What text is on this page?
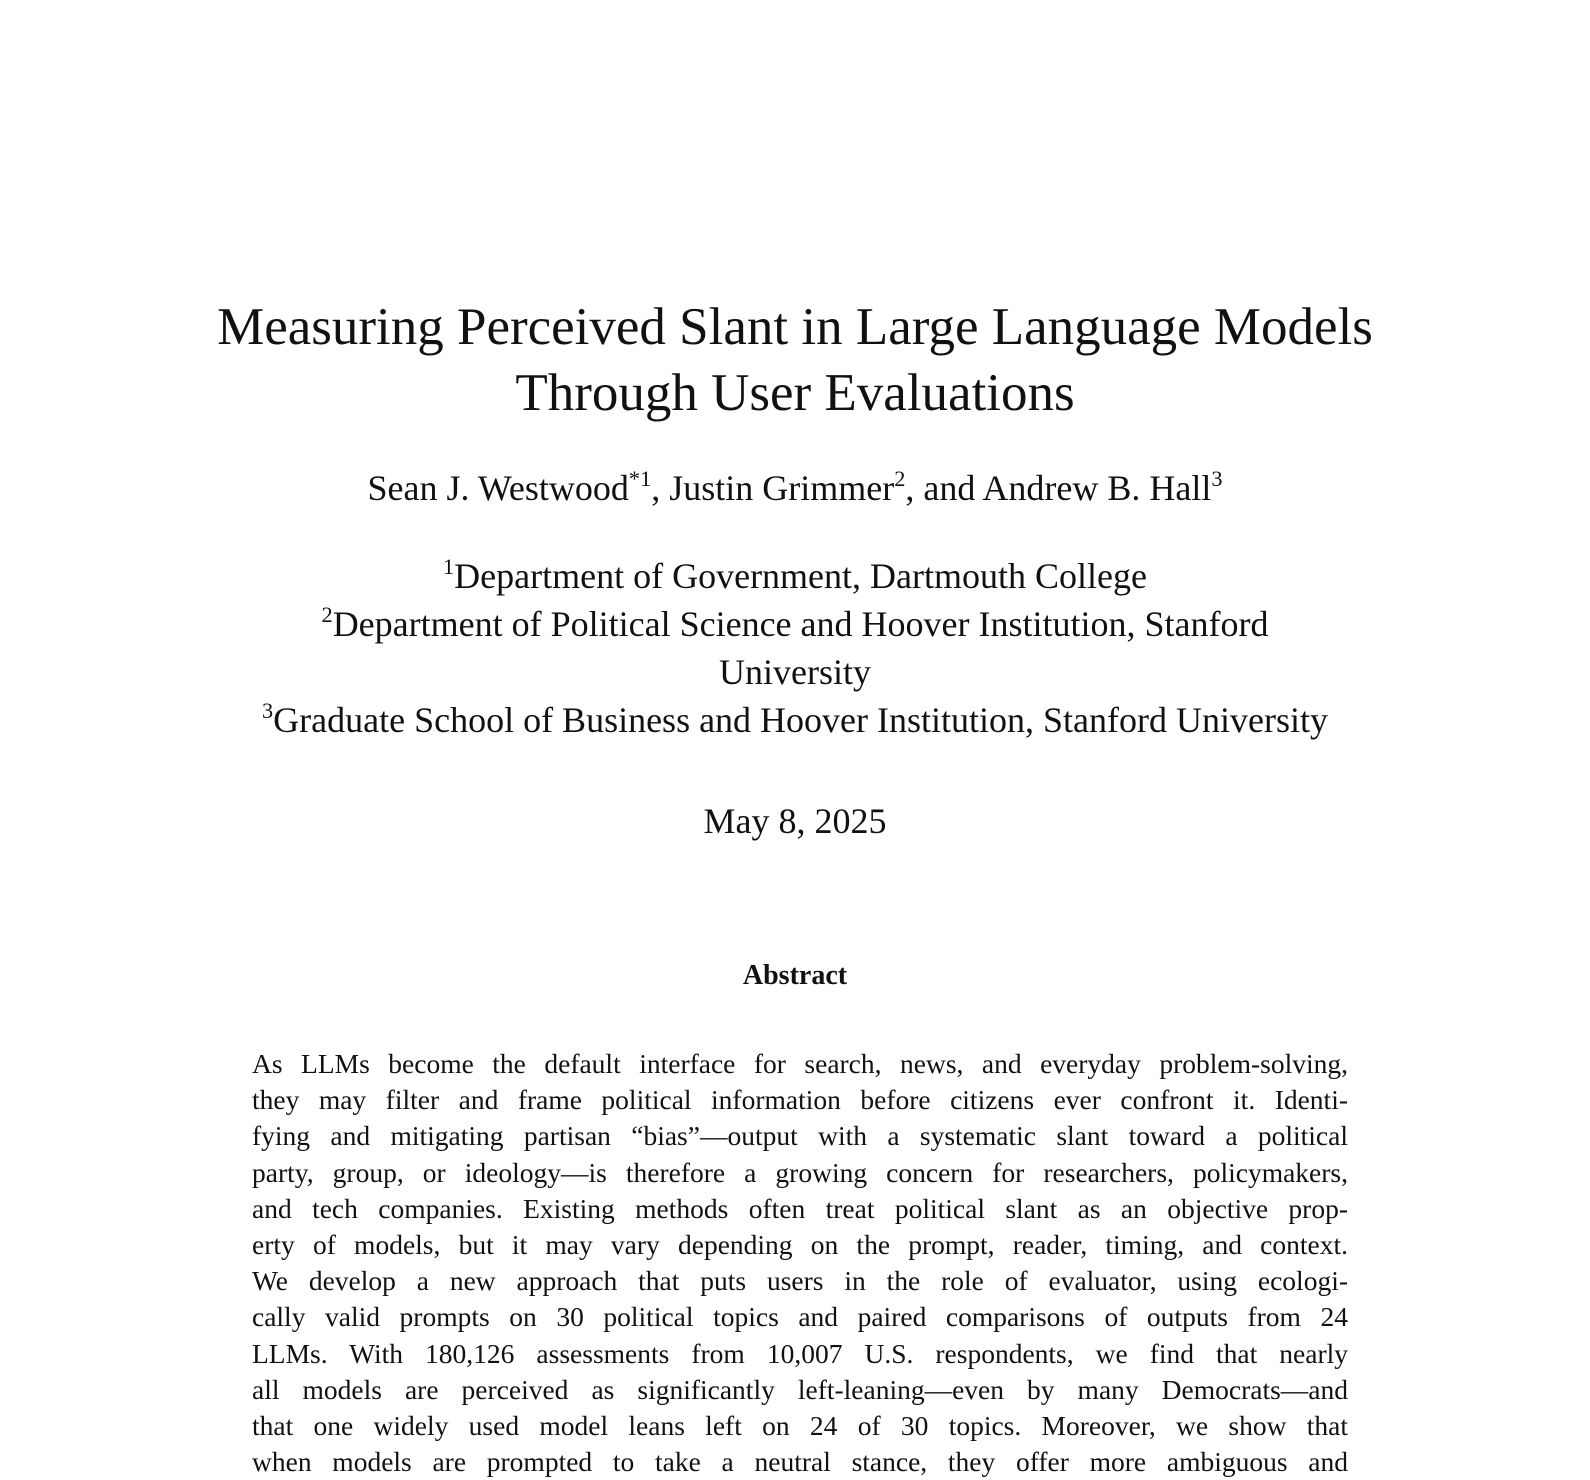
Measuring Perceived Slant in Large Language Models
Through User Evaluations
Sean J. Westwood$^{*1}$, Justin Grimmer$^2$, and Andrew B. Hall$^3$
$^1$Department of Government, Dartmouth College
$^2$Department of Political Science and Hoover Institution, Stanford
University
$^3$Graduate School of Business and Hoover Institution, Stanford University
May 8, 2025
Abstract
As LLMs become the default interface for search, news, and everyday problem-solving,
they may filter and frame political information before citizens ever confront it. Identi-
fying and mitigating partisan “bias”—output with a systematic slant toward a political
party, group, or ideology—is therefore a growing concern for researchers, policymakers,
and tech companies. Existing methods often treat political slant as an objective prop-
erty of models, but it may vary depending on the prompt, reader, timing, and context.
We develop a new approach that puts users in the role of evaluator, using ecologi-
cally valid prompts on 30 political topics and paired comparisons of outputs from 24
LLMs. With 180,126 assessments from 10,007 U.S. respondents, we find that nearly
all models are perceived as significantly left-leaning—even by many Democrats—and
that one widely used model leans left on 24 of 30 topics. Moreover, we show that
when models are prompted to take a neutral stance, they offer more ambiguous and
